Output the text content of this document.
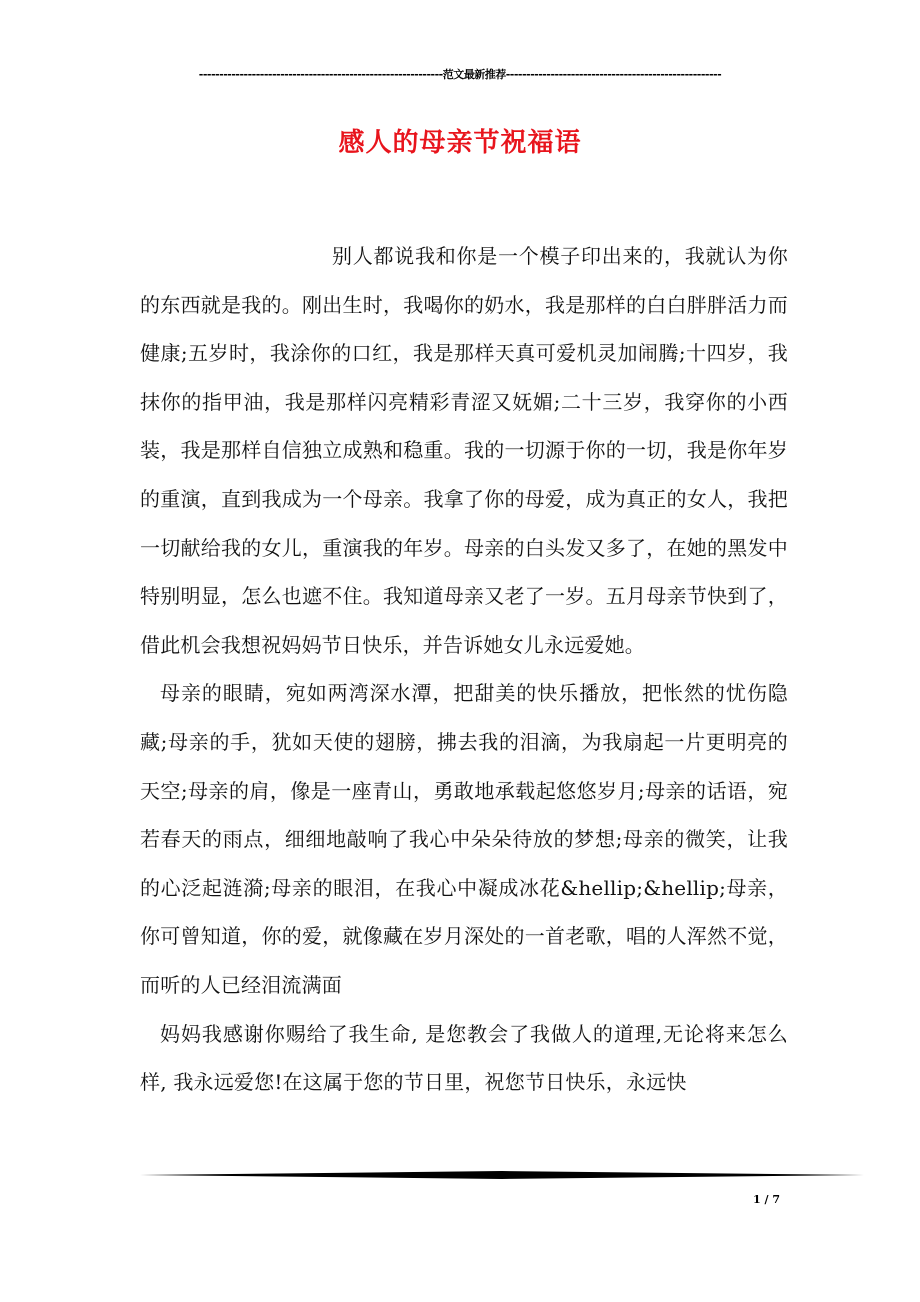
------------------------------------------------------------范文最新推荐-----------------------------------------------------
感人的母亲节祝福语

别人都说我和你是一个模子印出来的，我就认为你的东西就是我的。刚出生时，我喝你的奶水，我是那样的白白胖胖活力而健康;五岁时，我涂你的口红，我是那样天真可爱机灵加闹腾;十四岁，我抹你的指甲油，我是那样闪亮精彩青涩又妩媚;二十三岁，我穿你的小西装，我是那样自信独立成熟和稳重。我的一切源于你的一切，我是你年岁的重演，直到我成为一个母亲。我拿了你的母爱，成为真正的女人，我把一切献给我的女儿，重演我的年岁。母亲的白头发又多了，在她的黑发中特别明显，怎么也遮不住。我知道母亲又老了一岁。五月母亲节快到了，借此机会我想祝妈妈节日快乐，并告诉她女儿永远爱她。

母亲的眼睛，宛如两湾深水潭，把甜美的快乐播放，把怅然的忧伤隐藏;母亲的手，犹如天使的翅膀，拂去我的泪滴，为我扇起一片更明亮的天空;母亲的肩，像是一座青山，勇敢地承载起悠悠岁月;母亲的话语，宛若春天的雨点，细细地敲响了我心中朵朵待放的梦想;母亲的微笑，让我的心泛起涟漪;母亲的眼泪，在我心中凝成冰花&hellip;&hellip;母亲，你可曾知道，你的爱，就像藏在岁月深处的一首老歌，唱的人浑然不觉，而听的人已经泪流满面

妈妈我感谢你赐给了我生命, 是您教会了我做人的道理,无论将来怎么样, 我永远爱您!在这属于您的节日里，祝您节日快乐，永远快

1 / 7
